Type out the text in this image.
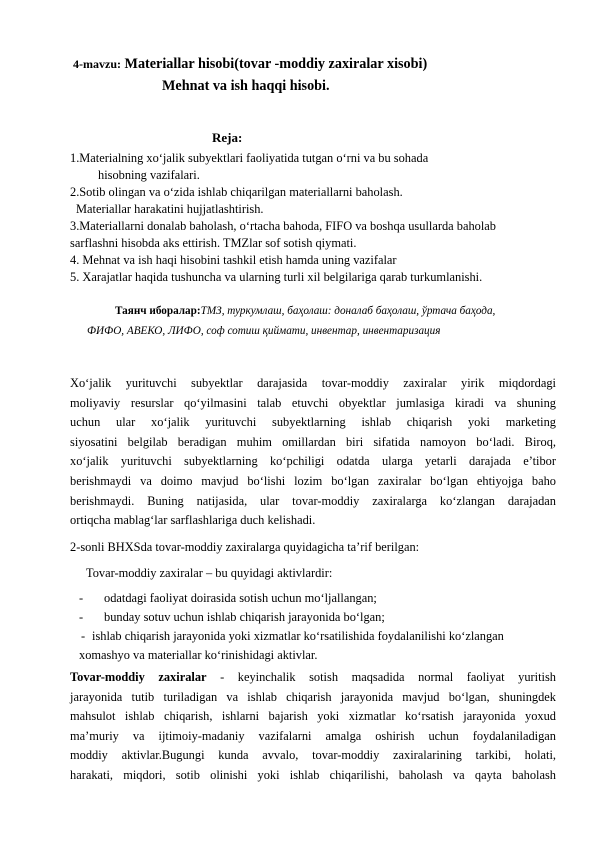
4-mavzu: Materiallar hisobi(tovar -moddiy zaxiralar xisobi)
Mehnat va ish haqqi hisobi.
Reja:
1.Materialning xo‘jalik subyektlari faoliyatida tutgan o‘rni va bu sohada
hisobning vazifalari.
2.Sotib olingan va o‘zida ishlab chiqarilgan materiallarni baholash.
Materiallar harakatini hujjatlashtirish.
3.Materiallarni donalab baholash, o‘rtacha bahoda, FIFO va boshqa usullarda baholab
sarflashni hisobda aks ettirish. TMZlar sof sotish qiymati.
4. Mehnat va ish haqi hisobini tashkil etish hamda uning vazifalar
5. Xarajatlar haqida tushuncha va ularning turli xil belgilariga qarab turkumlanishi.
Таянч иборалар:ТМЗ, туркумлаш, баҳолаш: доналаб баҳолаш, ўртача баҳода,
ФИФО, АВЕКО, ЛИФО, соф сотиш қиймати, инвентар, инвентаризация
Xo‘jalik yurituvchi subyektlar darajasida tovar-moddiy zaxiralar yirik miqdordagi
moliyaviy resurslar qo‘yilmasini talab etuvchi obyektlar jumlasiga kiradi va shuning
uchun ular xo‘jalik yurituvchi subyektlarning ishlab chiqarish yoki marketing
siyosatini belgilab beradigan muhim omillardan biri sifatida namoyon bo‘ladi. Biroq,
xo‘jalik yurituvchi subyektlarning ko‘pchiligi odatda ularga yetarli darajada e’tibor
berishmaydi va doimo mavjud bo‘lishi lozim bo‘lgan zaxiralar bo‘lgan ehtiyojga baho
berishmaydi. Buning natijasida, ular tovar-moddiy zaxiralarga ko‘zlangan darajadan
ortiqcha mablag‘lar sarflashlariga duch kelishadi.
2-sonli BHXSda tovar-moddiy zaxiralarga quyidagicha ta’rif berilgan:
Tovar-moddiy zaxiralar – bu quyidagi aktivlardir:
- odatdagi faoliyat doirasida sotish uchun mo‘ljallangan;
- bunday sotuv uchun ishlab chiqarish jarayonida bo‘lgan;
- ishlab chiqarish jarayonida yoki xizmatlar ko‘rsatilishida foydalanilishi ko‘zlangan
xomashyo va materiallar ko‘rinishidagi aktivlar.
Tovar-moddiy zaxiralar - keyinchalik sotish maqsadida normal faoliyat yuritish
jarayonida tutib turiladigan va ishlab chiqarish jarayonida mavjud bo‘lgan, shuningdek
mahsulot ishlab chiqarish, ishlarni bajarish yoki xizmatlar ko‘rsatish jarayonida yoxud
ma’muriy va ijtimoiy-madaniy vazifalarni amalga oshirish uchun foydalaniladigan
moddiy aktivlar.Bugungi kunda avvalo, tovar-moddiy zaxiralarining tarkibi, holati,
harakati, miqdori, sotib olinishi yoki ishlab chiqarilishi, baholash va qayta baholash
